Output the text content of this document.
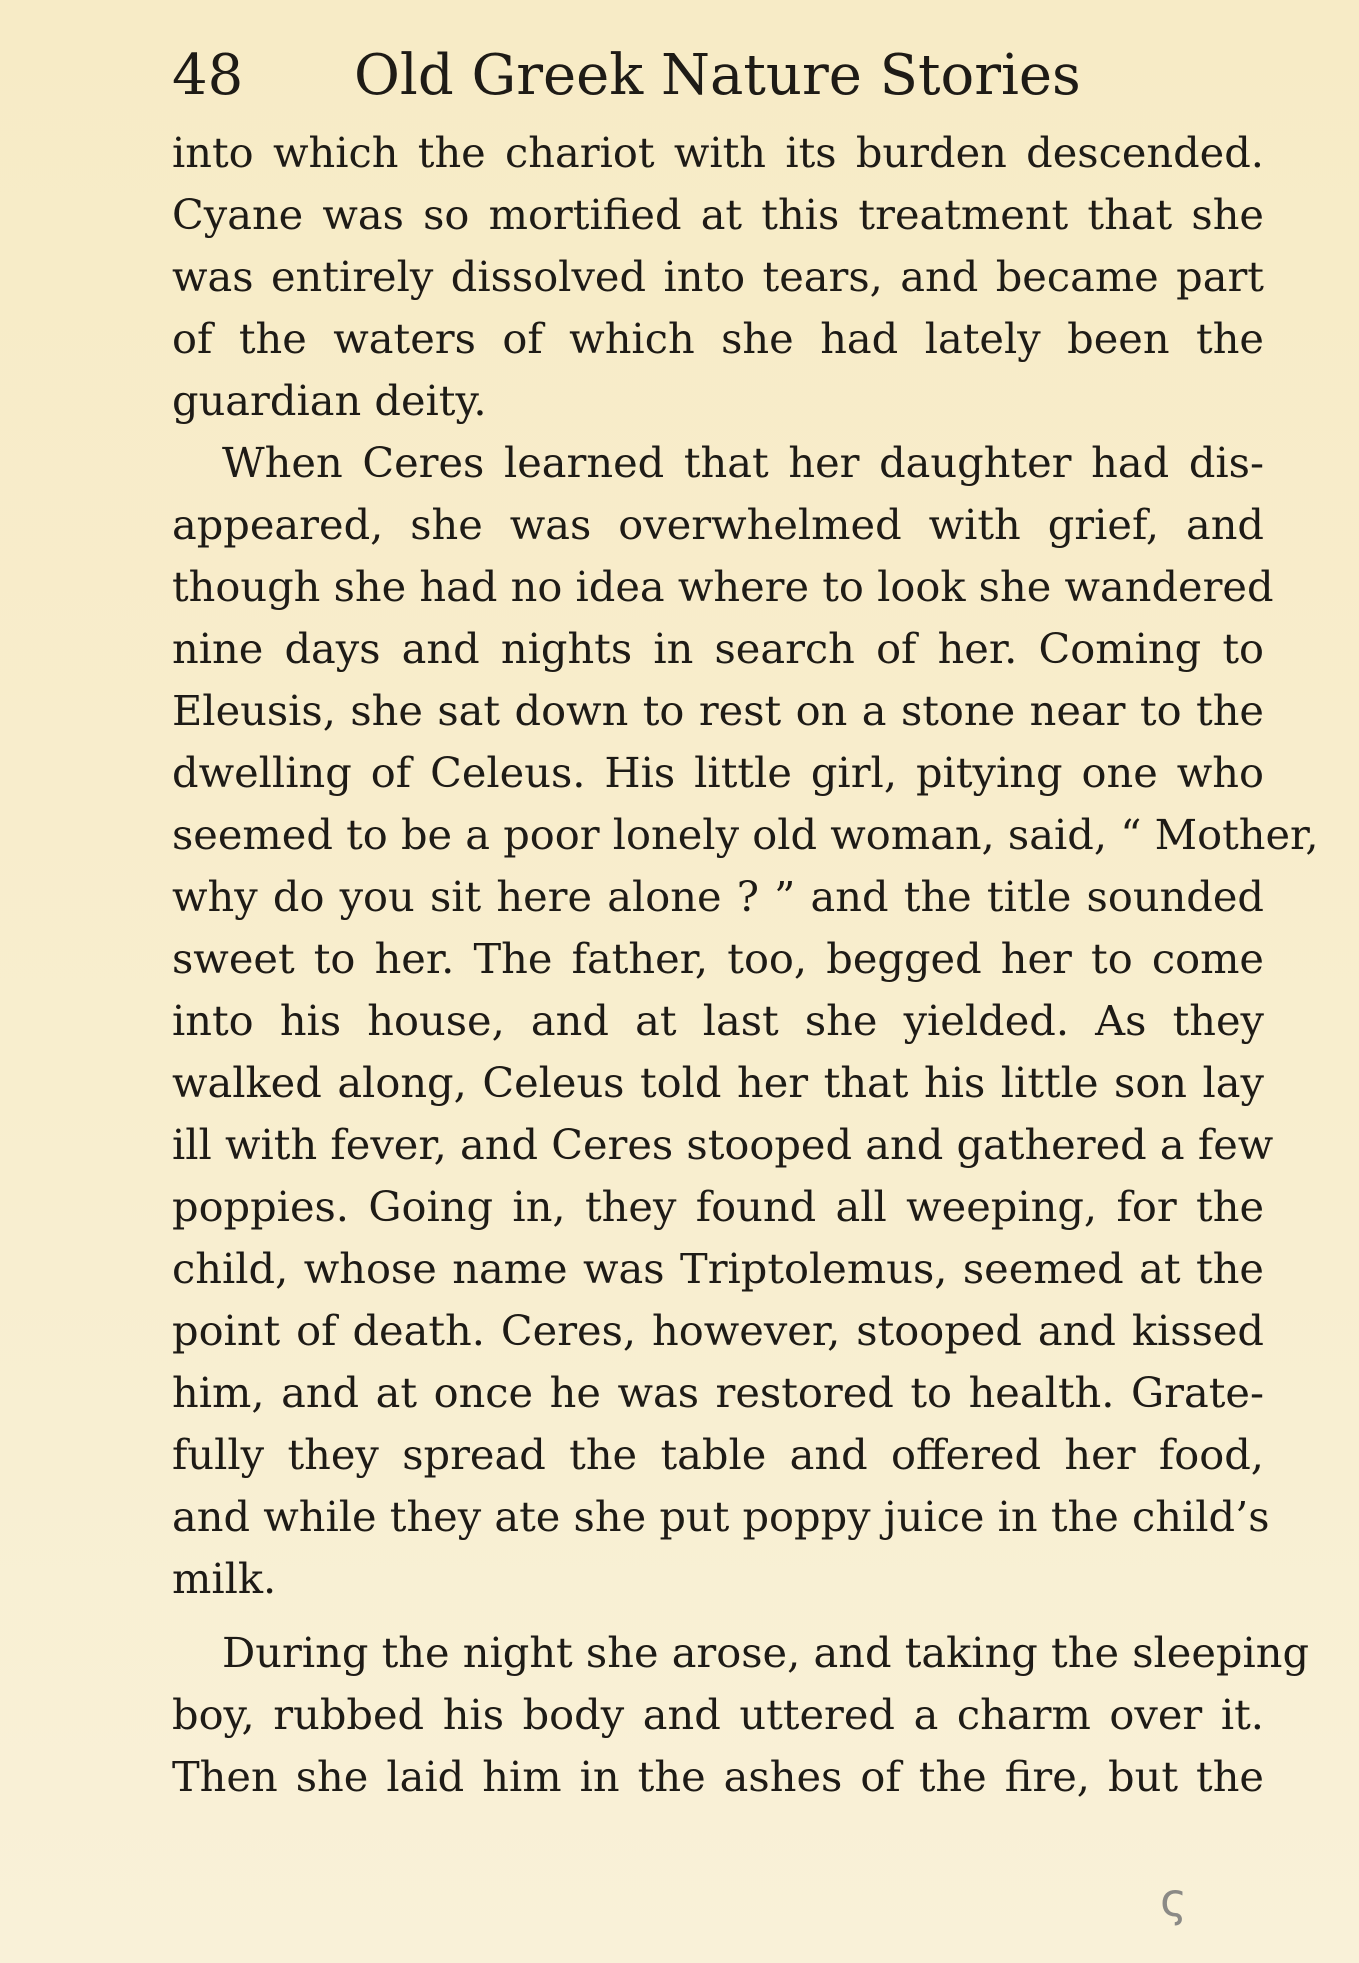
48 Old Greek Nature Stories
into which the chariot with its burden descended.
Cyane was so mortified at this treatment that she
was entirely dissolved into tears, and became part
of the waters of which she had lately been the
guardian deity.
When Ceres learned that her daughter had dis-
appeared, she was overwhelmed with grief, and
though she had no idea where to look she wandered
nine days and nights in search of her. Coming to
Eleusis, she sat down to rest on a stone near to the
dwelling of Celeus. His little girl, pitying one who
seemed to be a poor lonely old woman, said, “ Mother,
why do you sit here alone ? ” and the title sounded
sweet to her. The father, too, begged her to come
into his house, and at last she yielded. As they
walked along, Celeus told her that his little son lay
ill with fever, and Ceres stooped and gathered a few
poppies. Going in, they found all weeping, for the
child, whose name was Triptolemus, seemed at the
point of death. Ceres, however, stooped and kissed
him, and at once he was restored to health. Grate-
fully they spread the table and offered her food,
and while they ate she put poppy juice in the child’s
milk.
During the night she arose, and taking the sleeping
boy, rubbed his body and uttered a charm over it.
Then she laid him in the ashes of the fire, but the
ς
